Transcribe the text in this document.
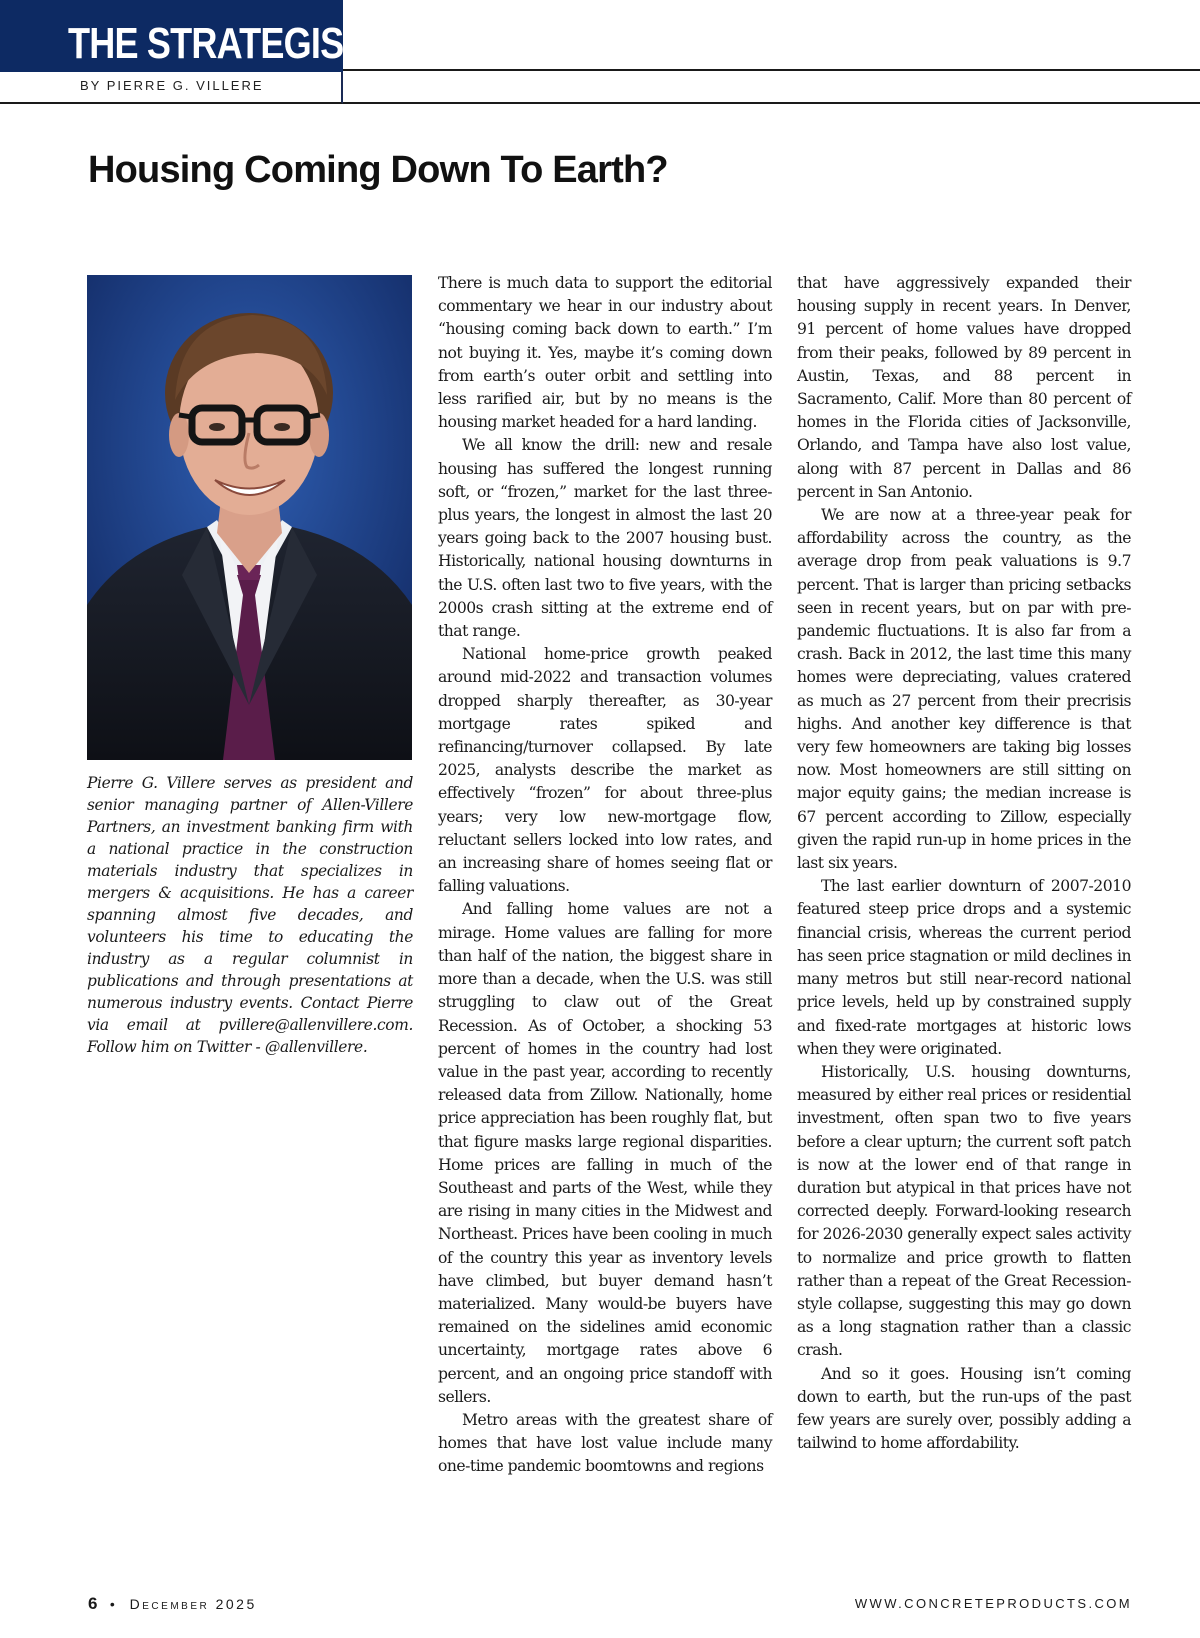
THE STRATEGIST
BY PIERRE G. VILLERE
Housing Coming Down To Earth?

Pierre G. Villere serves as president and senior managing partner of Allen-Villere Partners, an investment banking firm with a national practice in the construction materials industry that specializes in mergers & acquisitions. He has a career spanning almost five decades, and volunteers his time to educating the industry as a regular columnist in publications and through presentations at numerous industry events. Contact Pierre via email at pvillere@allenvillere.com. Follow him on Twitter - @allenvillere.

There is much data to support the editorial commentary we hear in our industry about “housing coming back down to earth.” I’m not buying it. Yes, maybe it’s coming down from earth’s outer orbit and settling into less rarified air, but by no means is the housing market headed for a hard landing.

We all know the drill: new and resale housing has suffered the longest running soft, or “frozen,” market for the last three-plus years, the longest in almost the last 20 years going back to the 2007 housing bust. Historically, national housing downturns in the U.S. often last two to five years, with the 2000s crash sitting at the extreme end of that range.

National home-price growth peaked around mid-2022 and transaction volumes dropped sharply thereafter, as 30-year mortgage rates spiked and refinancing/turnover collapsed. By late 2025, analysts describe the market as effectively “frozen” for about three-plus years; very low new-mortgage flow, reluctant sellers locked into low rates, and an increasing share of homes seeing flat or falling valuations.

And falling home values are not a mirage. Home values are falling for more than half of the nation, the biggest share in more than a decade, when the U.S. was still struggling to claw out of the Great Recession. As of October, a shocking 53 percent of homes in the country had lost value in the past year, according to recently released data from Zillow. Nationally, home price appreciation has been roughly flat, but that figure masks large regional disparities. Home prices are falling in much of the Southeast and parts of the West, while they are rising in many cities in the Midwest and Northeast. Prices have been cooling in much of the country this year as inventory levels have climbed, but buyer demand hasn’t materialized. Many would-be buyers have remained on the sidelines amid economic uncertainty, mortgage rates above 6 percent, and an ongoing price standoff with sellers.

Metro areas with the greatest share of homes that have lost value include many one-time pandemic boomtowns and regions

that have aggressively expanded their housing supply in recent years. In Denver, 91 percent of home values have dropped from their peaks, followed by 89 percent in Austin, Texas, and 88 percent in Sacramento, Calif. More than 80 percent of homes in the Florida cities of Jacksonville, Orlando, and Tampa have also lost value, along with 87 percent in Dallas and 86 percent in San Antonio.

We are now at a three-year peak for affordability across the country, as the average drop from peak valuations is 9.7 percent. That is larger than pricing setbacks seen in recent years, but on par with pre-pandemic fluctuations. It is also far from a crash. Back in 2012, the last time this many homes were depreciating, values cratered as much as 27 percent from their precrisis highs. And another key difference is that very few homeowners are taking big losses now. Most homeowners are still sitting on major equity gains; the median increase is 67 percent according to Zillow, especially given the rapid run-up in home prices in the last six years.

The last earlier downturn of 2007-2010 featured steep price drops and a systemic financial crisis, whereas the current period has seen price stagnation or mild declines in many metros but still near-record national price levels, held up by constrained supply and fixed-rate mortgages at historic lows when they were originated.

Historically, U.S. housing downturns, measured by either real prices or residential investment, often span two to five years before a clear upturn; the current soft patch is now at the lower end of that range in duration but atypical in that prices have not corrected deeply. Forward-looking research for 2026-2030 generally expect sales activity to normalize and price growth to flatten rather than a repeat of the Great Recession-style collapse, suggesting this may go down as a long stagnation rather than a classic crash.

And so it goes. Housing isn’t coming down to earth, but the run-ups of the past few years are surely over, possibly adding a tailwind to home affordability.

6 • December 2025	WWW.CONCRETEPRODUCTS.COM
